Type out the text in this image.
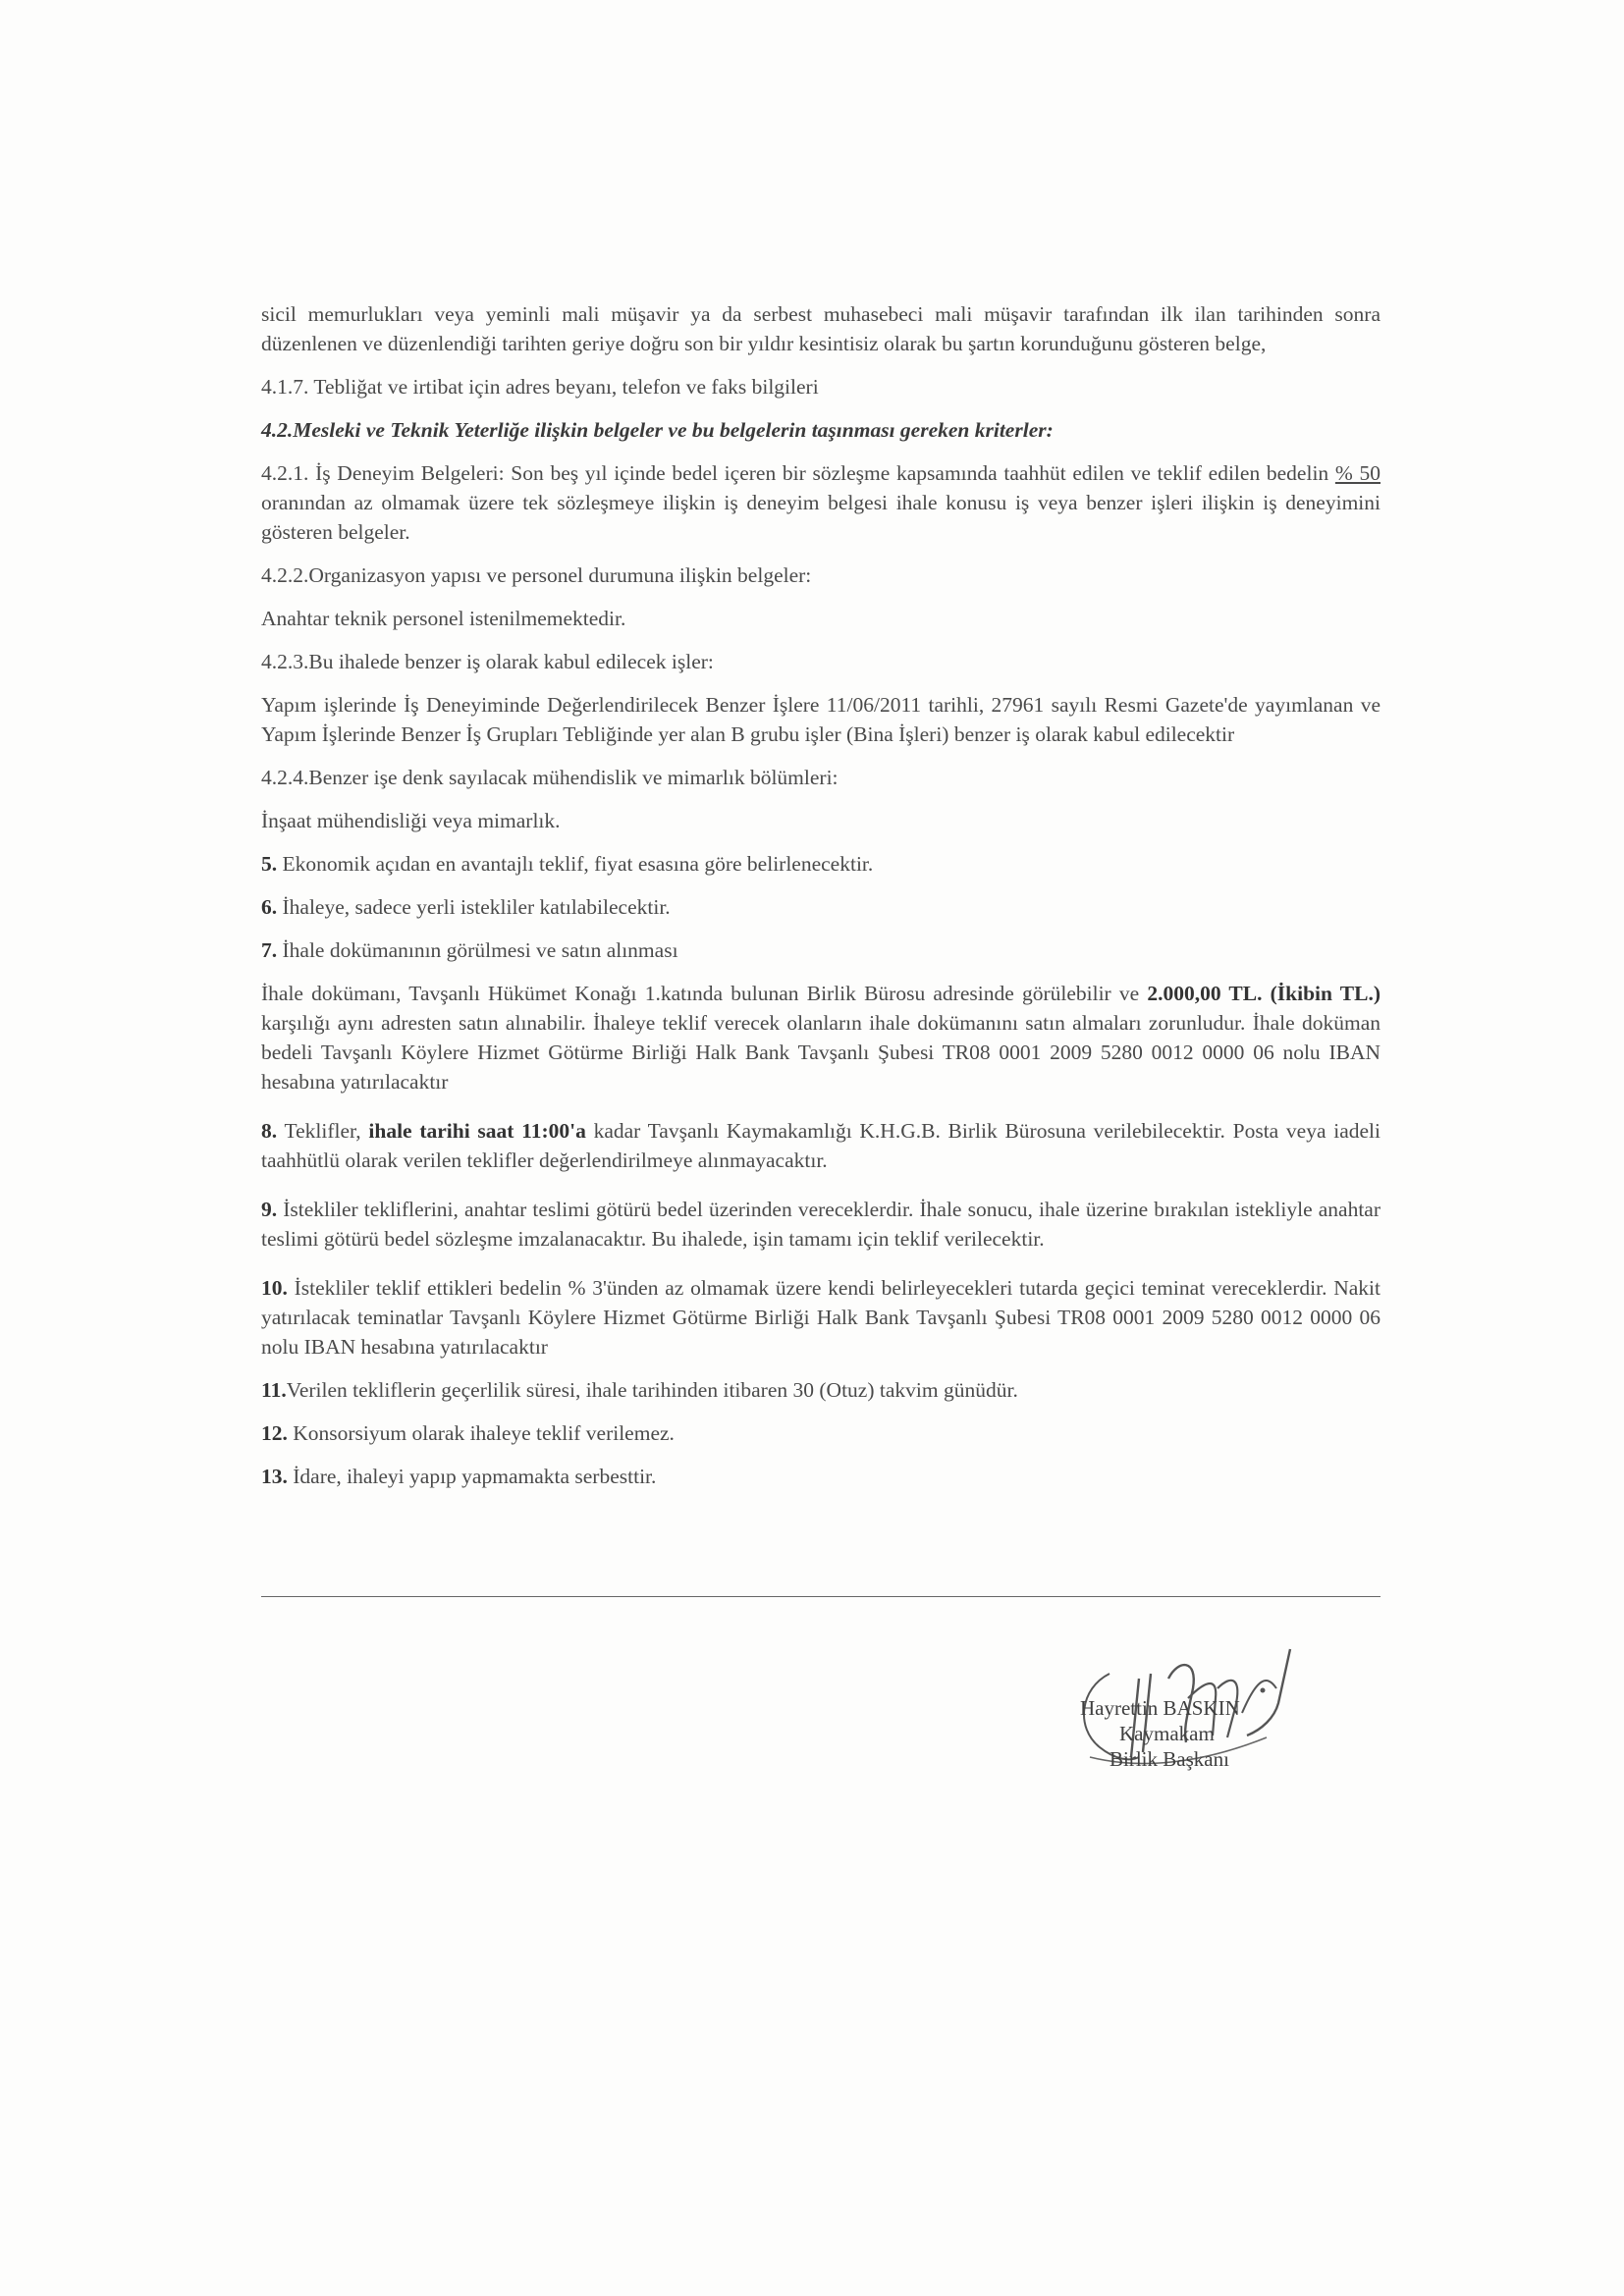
sicil memurlukları veya yeminli mali müşavir ya da serbest muhasebeci mali müşavir tarafından ilk ilan tarihinden sonra düzenlenen ve düzenlendiği tarihten geriye doğru son bir yıldır kesintisiz olarak bu şartın korunduğunu gösteren belge,

4.1.7. Tebliğat ve irtibat için adres beyanı, telefon ve faks bilgileri

4.2.Mesleki ve Teknik Yeterliğe ilişkin belgeler ve bu belgelerin taşınması gereken kriterler:

4.2.1. İş Deneyim Belgeleri: Son beş yıl içinde bedel içeren bir sözleşme kapsamında taahhüt edilen ve teklif edilen bedelin % 50 oranından az olmamak üzere tek sözleşmeye ilişkin iş deneyim belgesi ihale konusu iş veya benzer işleri ilişkin iş deneyimini gösteren belgeler.

4.2.2.Organizasyon yapısı ve personel durumuna ilişkin belgeler:

Anahtar teknik personel istenilmemektedir.

4.2.3.Bu ihalede benzer iş olarak kabul edilecek işler:

Yapım işlerinde İş Deneyiminde Değerlendirilecek Benzer İşlere 11/06/2011 tarihli, 27961 sayılı Resmi Gazete'de yayımlanan ve Yapım İşlerinde Benzer İş Grupları Tebliğinde yer alan B grubu işler (Bina İşleri) benzer iş olarak kabul edilecektir

4.2.4.Benzer işe denk sayılacak mühendislik ve mimarlık bölümleri:

İnşaat mühendisliği veya mimarlık.

5. Ekonomik açıdan en avantajlı teklif, fiyat esasına göre belirlenecektir.

6. İhaleye, sadece yerli istekliler katılabilecektir.

7. İhale dokümanının görülmesi ve satın alınması

İhale dokümanı, Tavşanlı Hükümet Konağı 1.katında bulunan Birlik Bürosu adresinde görülebilir ve 2.000,00 TL. (İkibin TL.) karşılığı aynı adresten satın alınabilir. İhaleye teklif verecek olanların ihale dokümanını satın almaları zorunludur. İhale doküman bedeli Tavşanlı Köylere Hizmet Götürme Birliği Halk Bank Tavşanlı Şubesi TR08 0001 2009 5280 0012 0000 06 nolu IBAN hesabına yatırılacaktır

8. Teklifler, ihale tarihi saat 11:00'a kadar Tavşanlı Kaymakamlığı K.H.G.B. Birlik Bürosuna verilebilecektir. Posta veya iadeli taahhütlü olarak verilen teklifler değerlendirilmeye alınmayacaktır.

9. İstekliler tekliflerini, anahtar teslimi götürü bedel üzerinden vereceklerdir. İhale sonucu, ihale üzerine bırakılan istekliyle anahtar teslimi götürü bedel sözleşme imzalanacaktır. Bu ihalede, işin tamamı için teklif verilecektir.

10. İstekliler teklif ettikleri bedelin % 3'ünden az olmamak üzere kendi belirleyecekleri tutarda geçici teminat vereceklerdir. Nakit yatırılacak teminatlar Tavşanlı Köylere Hizmet Götürme Birliği Halk Bank Tavşanlı Şubesi TR08 0001 2009 5280 0012 0000 06 nolu IBAN hesabına yatırılacaktır

11.Verilen tekliflerin geçerlilik süresi, ihale tarihinden itibaren 30 (Otuz) takvim günüdür.

12. Konsorsiyum olarak ihaleye teklif verilemez.

13. İdare, ihaleyi yapıp yapmamakta serbesttir.

Hayrettin BASKIN
Kaymakam
Birlik Başkanı
